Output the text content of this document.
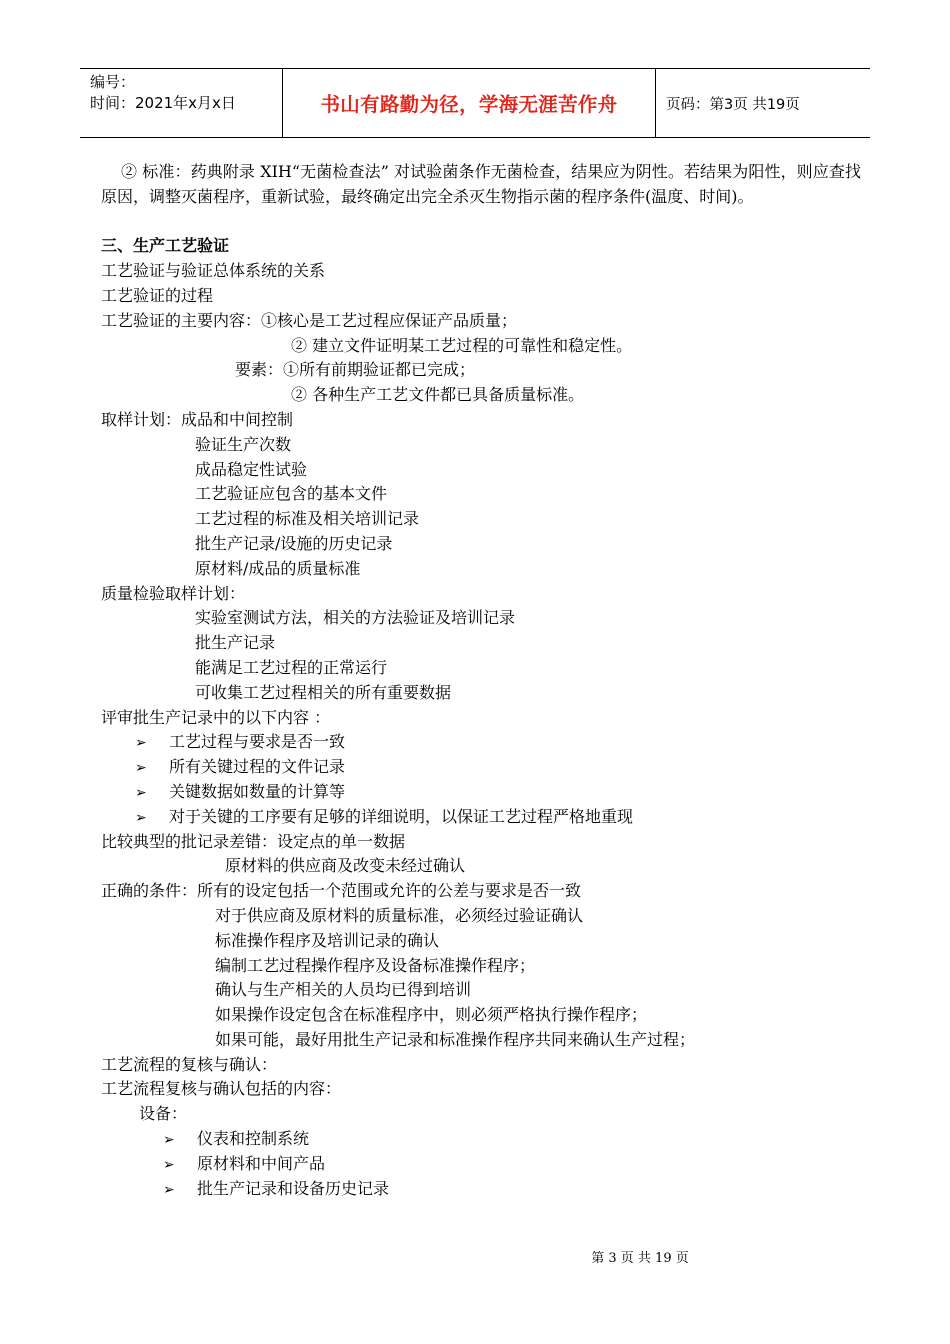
编号：
时间：2021年x月x日	书山有路勤为径，学海无涯苦作舟	页码：第3页 共19页
② 标准：药典附录 XIH“无菌检查法” 对试验菌条作无菌检查，结果应为阴性。若结果为阳性，则应查找原因，调整灭菌程序，重新试验，最终确定出完全杀灭生物指示菌的程序条件(温度、时间)。
三、生产工艺验证
工艺验证与验证总体系统的关系
工艺验证的过程
工艺验证的主要内容：①核心是工艺过程应保证产品质量；
② 建立文件证明某工艺过程的可靠性和稳定性。
要素：①所有前期验证都已完成；
② 各种生产工艺文件都已具备质量标准。
取样计划：成品和中间控制
验证生产次数
成品稳定性试验
工艺验证应包含的基本文件
工艺过程的标准及相关培训记录
批生产记录/设施的历史记录
原材料/成品的质量标准
质量检验取样计划：
实验室测试方法，相关的方法验证及培训记录
批生产记录
能满足工艺过程的正常运行
可收集工艺过程相关的所有重要数据
评审批生产记录中的以下内容 ：
➢ 工艺过程与要求是否一致
➢ 所有关键过程的文件记录
➢ 关键数据如数量的计算等
➢ 对于关键的工序要有足够的详细说明，以保证工艺过程严格地重现
比较典型的批记录差错：设定点的单一数据
原材料的供应商及改变未经过确认
正确的条件：所有的设定包括一个范围或允许的公差与要求是否一致
对于供应商及原材料的质量标准，必须经过验证确认
标准操作程序及培训记录的确认
编制工艺过程操作程序及设备标准操作程序；
确认与生产相关的人员均已得到培训
如果操作设定包含在标准程序中，则必须严格执行操作程序；
如果可能，最好用批生产记录和标准操作程序共同来确认生产过程；
工艺流程的复核与确认：
工艺流程复核与确认包括的内容：
设备：
➢ 仪表和控制系统
➢ 原材料和中间产品
➢ 批生产记录和设备历史记录
第 3 页 共 19 页
